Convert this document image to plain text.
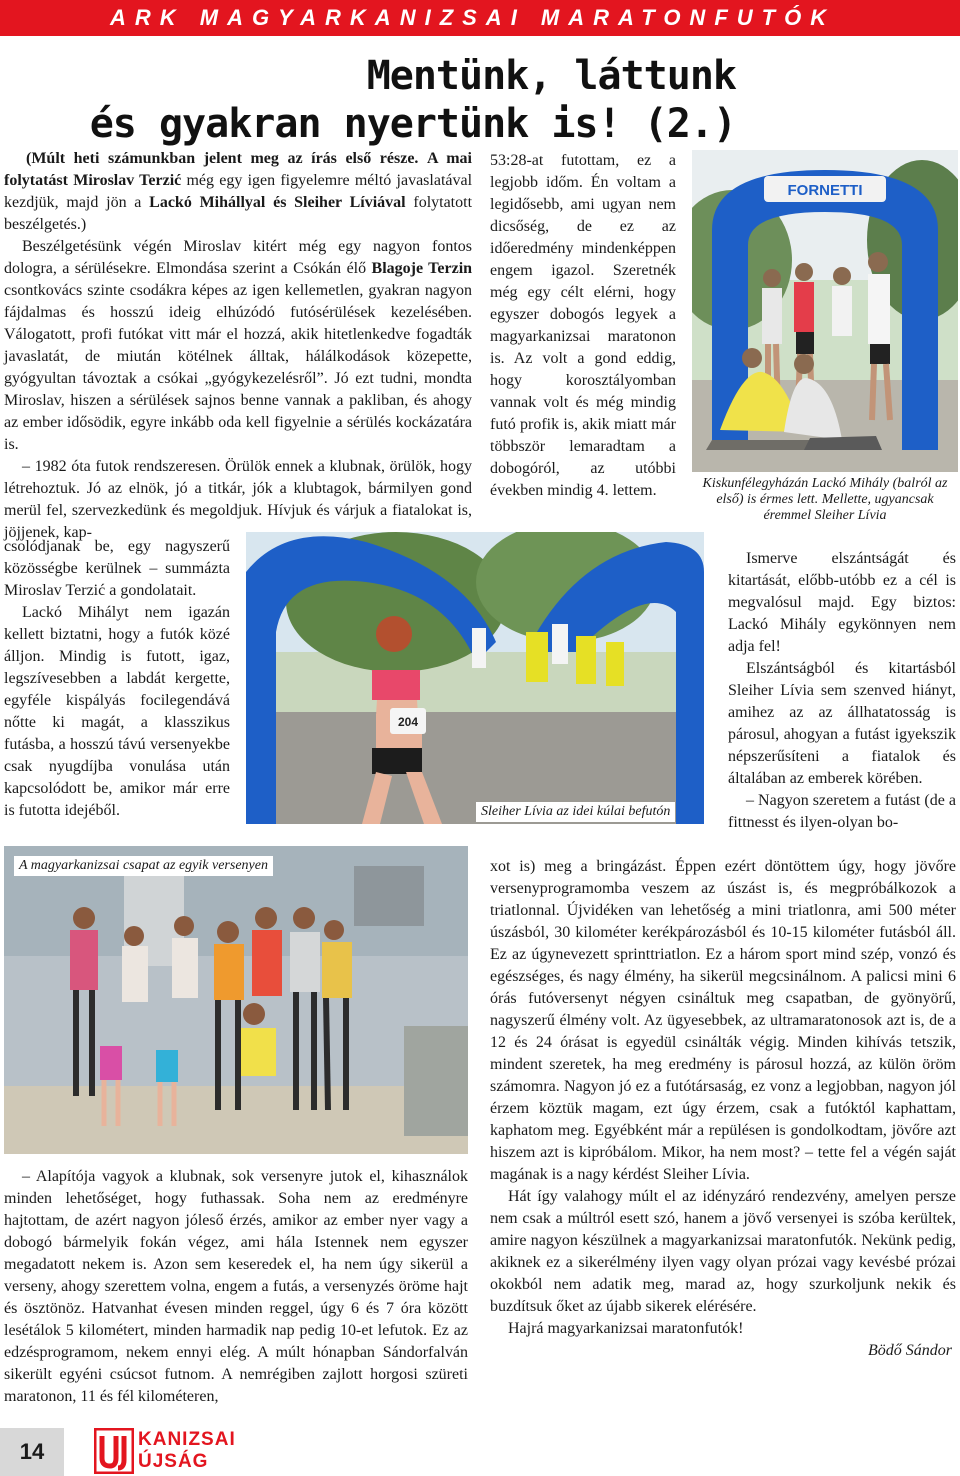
ARK MAGYARKANIZSAI MARATONFUTÓK
Mentünk, láttunk
és gyakran nyertünk is! (2.)

(Múlt heti számunkban jelent meg az írás első része. A mai folytatást Miroslav Terzić még egy igen figyelemre méltó javaslatával kezdjük, majd jön a Lackó Mihállyal és Sleiher Líviával folytatott beszélgetés.)

Beszélgetésünk végén Miroslav kitért még egy nagyon fontos dologra, a sérülésekre. Elmondása szerint a Csókán élő Blagoje Terzin csontkovács szinte csodákra képes az igen kellemetlen, gyakran nagyon fájdalmas és hosszú ideig elhúzódó futósérülések kezelésében. Válogatott, profi futókat vitt már el hozzá, akik hitetlenkedve fogadták javaslatát, de miután kötélnek álltak, hálálkodások közepette, gyógyultan távoztak a csókai „gyógykezelésről”. Jó ezt tudni, mondta Miroslav, hiszen a sérülések sajnos benne vannak a pakliban, és ahogy az ember idősödik, egyre inkább oda kell figyelnie a sérülés kockázatára is.

– 1982 óta futok rendszeresen. Örülök ennek a klubnak, örülök, hogy létrehoztuk. Jó az elnök, jó a titkár, jók a klubtagok, bármilyen gond merül fel, szervezkedünk és megoldjuk. Hívjuk és várjuk a fiatalokat is, jöjjenek, kap-

csolódjanak be, egy nagyszerű közösségbe kerülnek – summázta Miroslav Terzić a gondolatait.

Lackó Mihályt nem igazán kellett biztatni, hogy a futók közé álljon. Mindig is futott, igaz, legszívesebben a labdát kergette, egyféle kispályás focilegendává nőtte ki magát, a klasszikus futásba, a hosszú távú versenyekbe csak nyugdíjba vonulása után kapcsolódott be, amikor már erre is futotta idejéből.

– Alapítója vagyok a klubnak, sok versenyre jutok el, kihasználok minden lehetőséget, hogy futhassak. Soha nem az eredményre hajtottam, de azért nagyon jóleső érzés, amikor az ember nyer vagy a dobogó bármelyik fokán végez, ami hála Istennek nem egyszer megadatott nekem is. Azon sem keseredek el, ha nem úgy sikerül a verseny, ahogy szerettem volna, engem a futás, a versenyzés öröme hajt és ösztönöz. Hatvanhat évesen minden reggel, úgy 6 és 7 óra között lesétálok 5 kilométert, minden harmadik nap pedig 10-et lefutok. Ez az edzésprogramom, nekem ennyi elég. A múlt hónapban Sándorfalván sikerült egyéni csúcsot futnom. A nemrégiben zajlott horgosi szüreti maratonon, 11 és fél kilométeren,

53:28-at futottam, ez a legjobb időm. Én voltam a legidősebb, ami ugyan nem dicsőség, de ez az időeredmény mindenképpen engem igazol. Szeretnék még egy célt elérni, hogy egyszer dobogós legyek a magyarkanizsai maratonon is. Az volt a gond eddig, hogy korosztályomban vannak volt és még mindig futó profik is, akik miatt már többször lemaradtam a dobogóról, az utóbbi években mindig 4. lettem.

Ismerve elszántságát és kitartását, előbb-utóbb ez a cél is megvalósul majd. Egy biztos: Lackó Mihály egykönnyen nem adja fel!

Elszántságból és kitartásból Sleiher Lívia sem szenved hiányt, amihez az az állhatatosság is párosul, ahogyan a futást igyekszik népszerűsíteni a fiatalok és általában az emberek körében.

– Nagyon szeretem a futást (de a fittnesst és ilyen-olyan bo-

xot is) meg a bringázást. Éppen ezért döntöttem úgy, hogy jövőre versenyprogramomba veszem az úszást is, és megpróbálkozok a triatlonnal. Újvidéken van lehetőség a mini triatlonra, ami 500 méter úszásból, 30 kilométer kerékpározásból és 10-15 kilométer futásból áll. Ez az úgynevezett sprinttriatlon. Ez a három sport mind szép, vonzó és egészséges, és nagy élmény, ha sikerül megcsinálnom. A palicsi mini 6 órás futóversenyt négyen csináltuk meg csapatban, de gyönyörű, nagyszerű élmény volt. Az ügyesebbek, az ultramaratonosok azt is, de a 12 és 24 órásat is egyedül csinálták végig. Minden kihívás tetszik, mindent szeretek, ha meg eredmény is párosul hozzá, az külön öröm számomra. Nagyon jó ez a futótársaság, ez vonz a legjobban, nagyon jól érzem köztük magam, ezt úgy érzem, csak a futóktól kaphattam, kaphatom meg. Egyébként már a repülésen is gondolkodtam, jövőre azt hiszem azt is kipróbálom. Mikor, ha nem most? – tette fel a végén saját magának is a nagy kérdést Sleiher Lívia.

Hát így valahogy múlt el az idényzáró rendezvény, amelyen persze nem csak a múltról esett szó, hanem a jövő versenyei is szóba kerültek, amire nagyon készülnek a magyarkanizsai maratonfutók. Nekünk pedig, akiknek ez a sikerélmény ilyen vagy olyan prózai vagy kevésbé prózai okokból nem adatik meg, marad az, hogy szurkoljunk nekik és buzdítsuk őket az újabb sikerek elérésére.

Hajrá magyarkanizsai maratonfutók!

Bödő Sándor

FORNETTI
Kiskunfélegyházán Lackó Mihály (balról az első) is érmes lett. Mellette, ugyancsak éremmel Sleiher Lívia
204
Sleiher Lívia az idei kúlai befutón
A magyarkanizsai csapat az egyik versenyen
14	KANIZSAI
ÚJSÁG
